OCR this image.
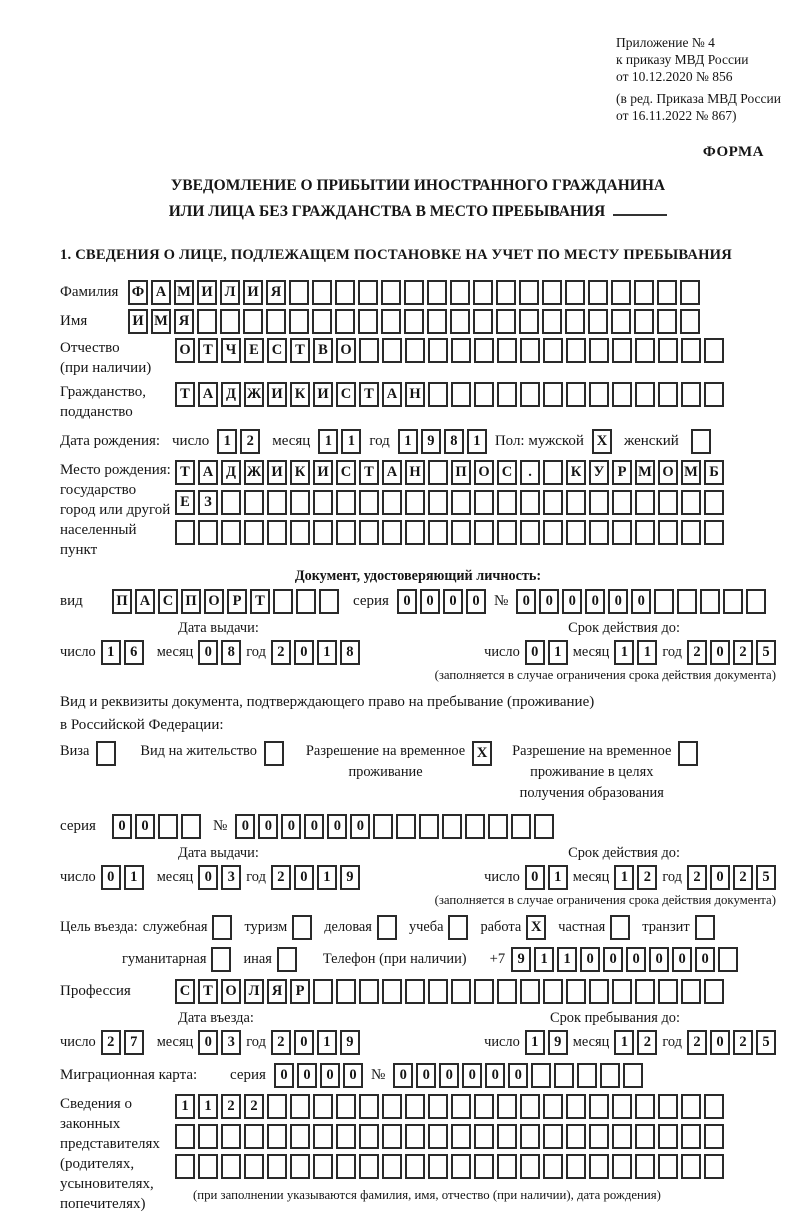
Приложение № 4
к приказу МВД России
от 10.12.2020 № 856
(в ред. Приказа МВД России
от 16.11.2022 № 867)
ФОРМА
УВЕДОМЛЕНИЕ О ПРИБЫТИИ ИНОСТРАННОГО ГРАЖДАНИНА
ИЛИ ЛИЦА БЕЗ ГРАЖДАНСТВА В МЕСТО ПРЕБЫВАНИЯ
1. СВЕДЕНИЯ О ЛИЦЕ, ПОДЛЕЖАЩЕМ ПОСТАНОВКЕ НА УЧЕТ ПО МЕСТУ ПРЕБЫВАНИЯ
Фамилия Ф А М И Л И Я
Имя	И М Я
Отчество
(при наличии)
О Т Ч Е С Т В О
Гражданство,
подданство
Т А Д Ж И К И С Т А Н
Дата рождения: число 1	2	месяц 1	1 год 1	9	8	1 Пол: мужской X	женский
Место рождения:
государство
город или другой
населенный пункт
Т А Д Ж И К И С Т А Н	П О С	.	К У Р М О М Б

Е З

Документ, удостоверяющий личность:
вид	П А С П О Р Т	серия 0	0	0	0 № 0	0	0	0	0	0
Дата выдачи:	Срок действия до:
число 1	6	месяц 0	8 год 2	0	1	8	число 0	1 месяц 1	1 год 2	0	2	5
(заполняется в случае ограничения срока действия документа)
Вид и реквизиты документа, подтверждающего право на пребывание (проживание)
в Российской Федерации:
Виза	Вид на жительство	Разрешение на временное
проживание
X	Разрешение на временное
проживание в целях
получения образования
серия	0	0	№ 0	0	0	0	0	0
Дата выдачи:	Срок действия до:
число 0	1	месяц 0	3 год 2	0	1	9	число 0	1 месяц 1	2 год 2	0	2	5
(заполняется в случае ограничения срока действия документа)
Цель въезда: служебная	туризм	деловая	учеба	работа X	частная	транзит
гуманитарная	иная	Телефон (при наличии) +7 9	1	1	0	0	0	0	0	0
Профессия	С Т О Л Я Р
Дата въезда:	Срок пребывания до:
число 2	7	месяц 0	3 год 2	0	1	9	число 1	9 месяц 1	2 год 2	0	2	5
Миграционная карта:	серия 0	0	0	0 № 0	0	0	0	0	0
Сведения о
законных
представителях
(родителях,
усыновителях,
попечителях)
1	1	2	2

(при заполнении указываются фамилия, имя, отчество (при наличии), дата рождения)
